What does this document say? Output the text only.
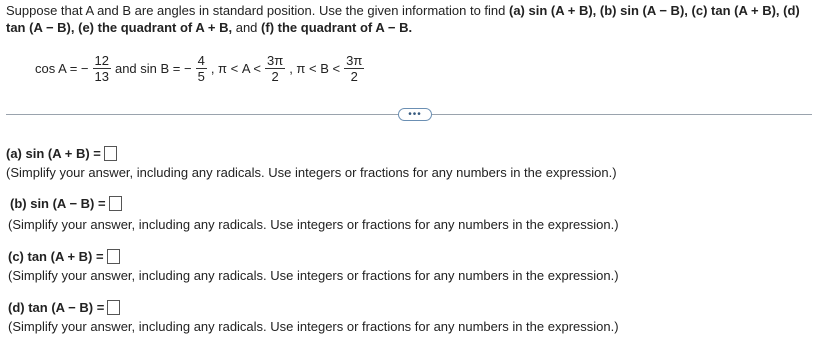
Suppose that A and B are angles in standard position. Use the given information to find (a) sin (A + B), (b) sin (A − B), (c) tan (A + B), (d)
tan (A − B), (e) the quadrant of A + B, and (f) the quadrant of A − B.
cos A = − $\frac{12}{13}$ and sin B = − $\frac{4}{5}$ , $\pi < A < \frac{3\pi}{2}$ , $\pi < B < \frac{3\pi}{2}$
•••
(a) sin (A + B) =
(Simplify your answer, including any radicals. Use integers or fractions for any numbers in the expression.)
(b) sin (A − B) =
(Simplify your answer, including any radicals. Use integers or fractions for any numbers in the expression.)
(c) tan (A + B) =
(Simplify your answer, including any radicals. Use integers or fractions for any numbers in the expression.)
(d) tan (A − B) =
(Simplify your answer, including any radicals. Use integers or fractions for any numbers in the expression.)
